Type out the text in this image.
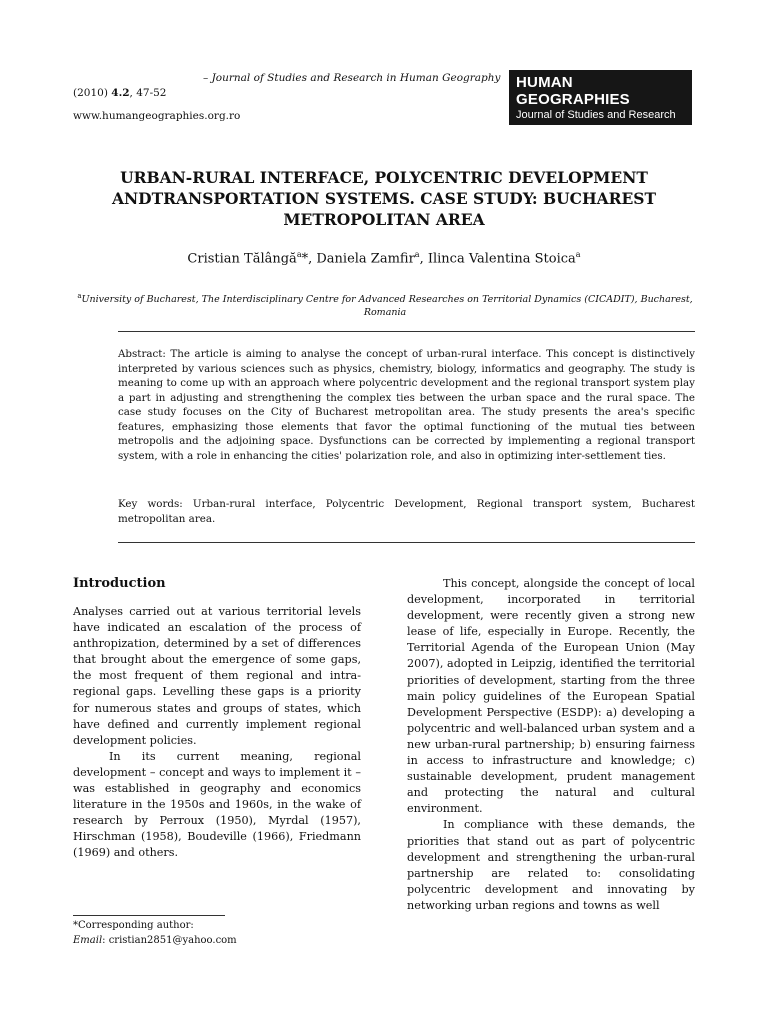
– Journal of Studies and Research in Human Geography
(2010) 4.2, 47-52
www.humangeographies.org.ro
HUMAN GEOGRAPHIES
Journal of Studies and Research
in Human Geography
URBAN-RURAL INTERFACE, POLYCENTRIC DEVELOPMENT ANDTRANSPORTATION SYSTEMS. CASE STUDY: BUCHAREST METROPOLITAN AREA
Cristian Tălângă$^a$*, Daniela Zamfir$^a$, Ilinca Valentina Stoica$^a$
$^a$University of Bucharest, The Interdisciplinary Centre for Advanced Researches on Territorial Dynamics (CICADIT), Bucharest, Romania
Abstract: The article is aiming to analyse the concept of urban-rural interface. This concept is distinctively interpreted by various sciences such as physics, chemistry, biology, informatics and geography. The study is meaning to come up with an approach where polycentric development and the regional transport system play a part in adjusting and strengthening the complex ties between the urban space and the rural space. The case study focuses on the City of Bucharest metropolitan area. The study presents the area's specific features, emphasizing those elements that favor the optimal functioning of the mutual ties between metropolis and the adjoining space. Dysfunctions can be corrected by implementing a regional transport system, with a role in enhancing the cities' polarization role, and also in optimizing inter-settlement ties.
Key words: Urban-rural interface, Polycentric Development, Regional transport system, Bucharest metropolitan area.
Introduction

Analyses carried out at various territorial levels have indicated an escalation of the process of anthropization, determined by a set of differences that brought about the emergence of some gaps, the most frequent of them regional and intra-regional gaps. Levelling these gaps is a priority for numerous states and groups of states, which have defined and currently implement regional development policies.

In its current meaning, regional development – concept and ways to implement it – was established in geography and economics literature in the 1950s and 1960s, in the wake of research by Perroux (1950), Myrdal (1957), Hirschman (1958), Boudeville (1966), Friedmann (1969) and others.

This concept, alongside the concept of local development, incorporated in territorial development, were recently given a strong new lease of life, especially in Europe. Recently, the Territorial Agenda of the European Union (May 2007), adopted in Leipzig, identified the territorial priorities of development, starting from the three main policy guidelines of the European Spatial Development Perspective (ESDP): a) developing a polycentric and well-balanced urban system and a new urban-rural partnership; b) ensuring fairness in access to infrastructure and knowledge; c) sustainable development, prudent management and protecting the natural and cultural environment.

In compliance with these demands, the priorities that stand out as part of polycentric development and strengthening the urban-rural partnership are related to: consolidating polycentric development and innovating by networking urban regions and towns as well

*Corresponding author:
Email: cristian2851@yahoo.com
